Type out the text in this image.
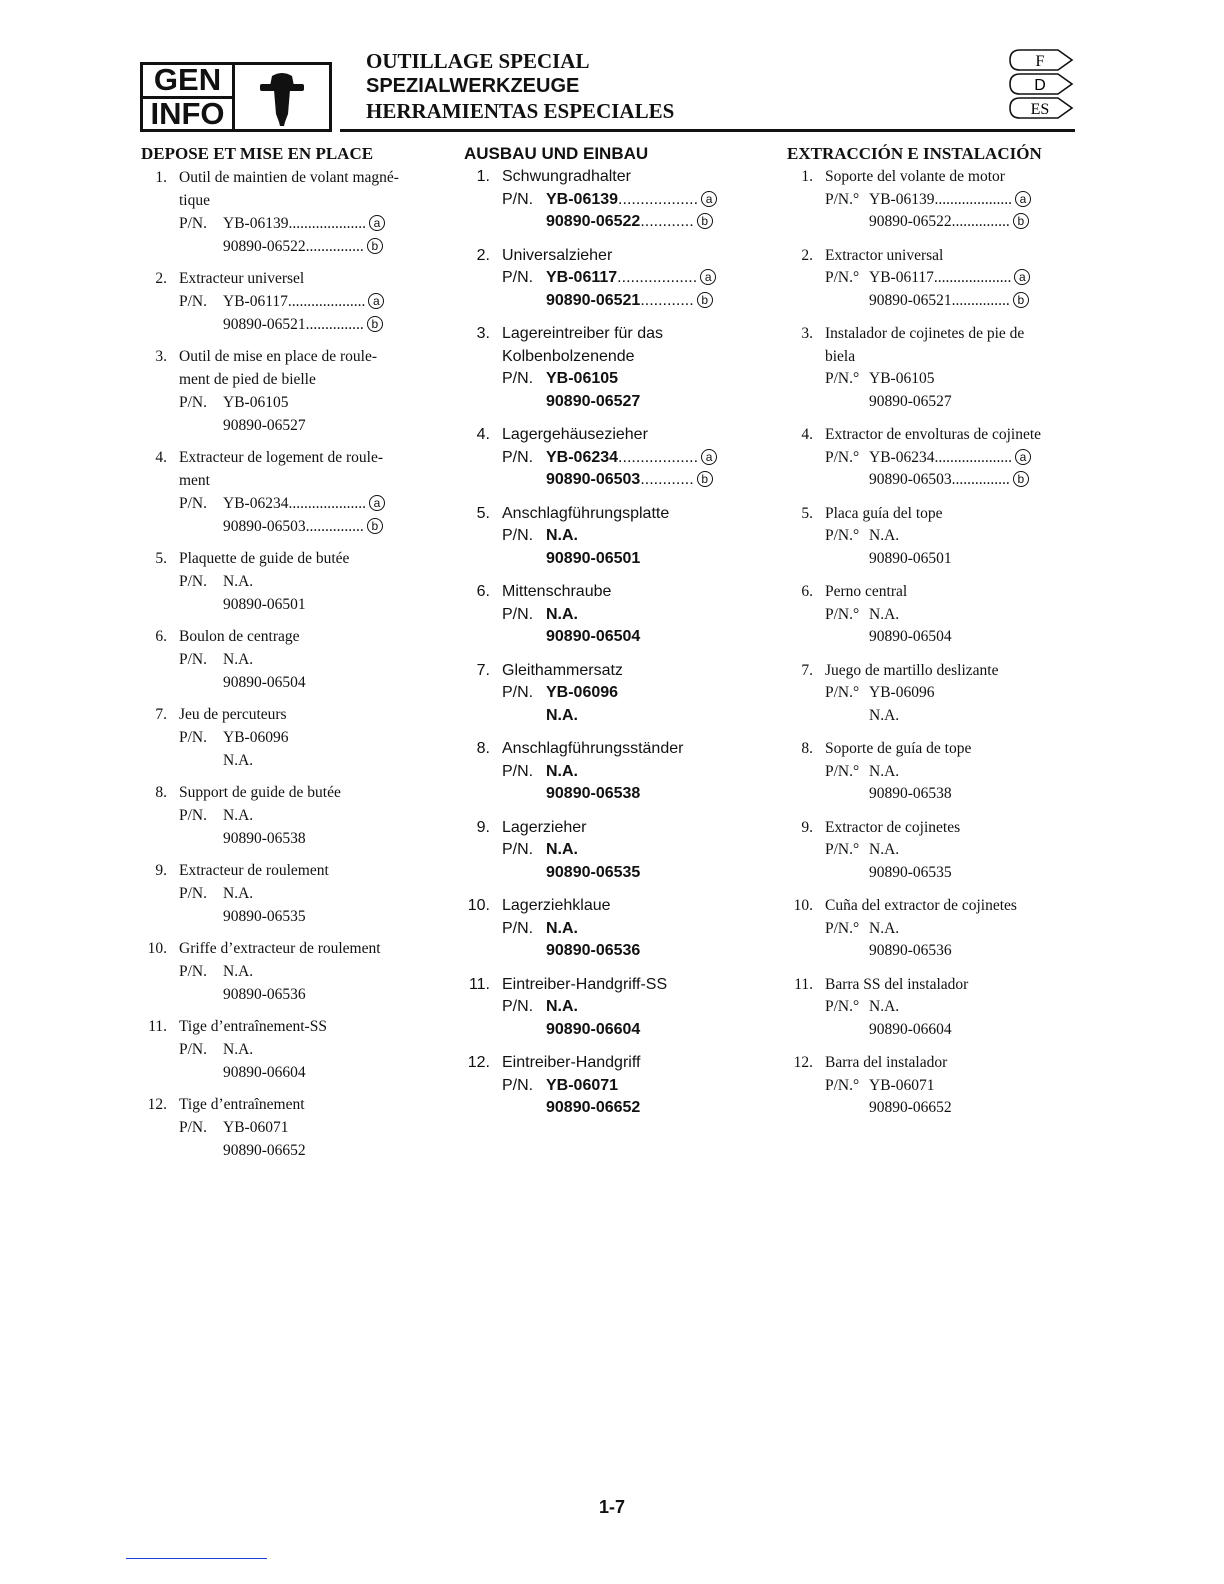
GEN
INFO
OUTILLAGE SPECIAL
SPEZIALWERKZEUGE
HERRAMIENTAS ESPECIALES
F
D
ES
DEPOSE ET MISE EN PLACE
1. Outil de maintien de volant magné-
tique
P/N.	YB-06139 .................... a
90890-06522 ............... b
2. Extracteur universel
P/N.	YB-06117 .................... a
90890-06521 ............... b
3. Outil de mise en place de roule-
ment de pied de bielle
P/N.	YB-06105
90890-06527
4. Extracteur de logement de roule-
ment
P/N.	YB-06234 .................... a
90890-06503 ............... b
5. Plaquette de guide de butée
P/N.	N.A.
90890-06501
6. Boulon de centrage
P/N.	N.A.
90890-06504
7. Jeu de percuteurs
P/N.	YB-06096
N.A.
8. Support de guide de butée
P/N.	N.A.
90890-06538
9. Extracteur de roulement
P/N.	N.A.
90890-06535
10. Griffe d’extracteur de roulement
P/N.	N.A.
90890-06536
11. Tige d’entraînement-SS
P/N.	N.A.
90890-06604
12. Tige d’entraînement
P/N.	YB-06071
90890-06652
AUSBAU UND EINBAU
1. Schwungradhalter
P/N. YB-06139 .................. a
90890-06522 ............ b
2. Universalzieher
P/N. YB-06117 .................. a
90890-06521 ............ b
3. Lagereintreiber für das
Kolbenbolzenende
P/N. YB-06105
90890-06527
4. Lagergehäusezieher
P/N. YB-06234 .................. a
90890-06503 ............ b
5. Anschlagführungsplatte
P/N. N.A.
90890-06501
6. Mittenschraube
P/N. N.A.
90890-06504
7. Gleithammersatz
P/N. YB-06096
N.A.
8. Anschlagführungsständer
P/N. N.A.
90890-06538
9. Lagerzieher
P/N. N.A.
90890-06535
10. Lagerziehklaue
P/N. N.A.
90890-06536
11. Eintreiber-Handgriff-SS
P/N. N.A.
90890-06604
12. Eintreiber-Handgriff
P/N. YB-06071
90890-06652
EXTRACCIÓN E INSTALACIÓN
1. Soporte del volante de motor
P/N.° YB-06139 .................... a
90890-06522 ............... b
2. Extractor universal
P/N.° YB-06117 .................... a
90890-06521 ............... b
3. Instalador de cojinetes de pie de
biela
P/N.° YB-06105
90890-06527
4. Extractor de envolturas de cojinete
P/N.° YB-06234 .................... a
90890-06503 ............... b
5. Placa guía del tope
P/N.° N.A.
90890-06501
6. Perno central
P/N.° N.A.
90890-06504
7. Juego de martillo deslizante
P/N.° YB-06096
N.A.
8. Soporte de guía de tope
P/N.° N.A.
90890-06538
9. Extractor de cojinetes
P/N.° N.A.
90890-06535
10. Cuña del extractor de cojinetes
P/N.° N.A.
90890-06536
11. Barra SS del instalador
P/N.° N.A.
90890-06604
12. Barra del instalador
P/N.° YB-06071
90890-06652
1-7
